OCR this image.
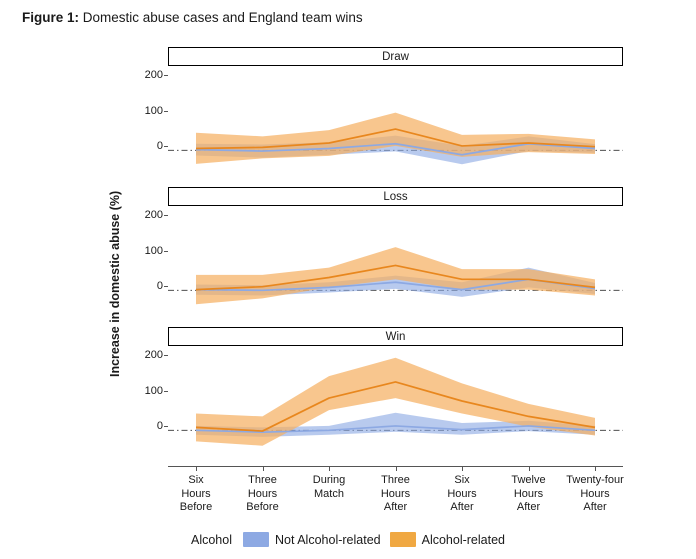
Figure 1: Domestic abuse cases and England team wins
Increase in domestic abuse (%)
Draw
200
100
0
Loss
200
100
0
Win
200
100
0
Six
Hours
Before
Three
Hours
Before
During
Match
Three
Hours
After
Six
Hours
After
Twelve
Hours
After
Twenty-four
Hours
After
Alcohol	Not Alcohol-related	Alcohol-related
